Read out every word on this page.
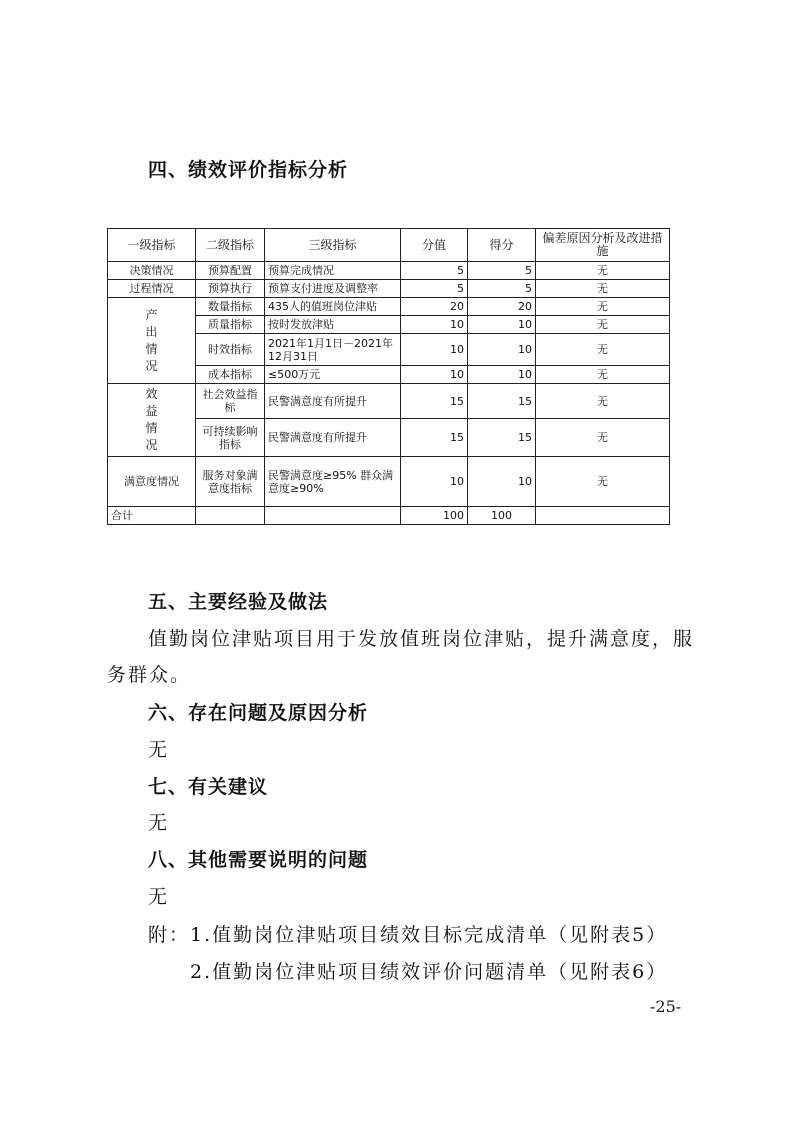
四、绩效评价指标分析
一级指标	二级指标	三级指标	分值	得分	偏差原因分析及改进措施
决策情况	预算配置	预算完成情况	5	5	无
过程情况	预算执行	预算支付进度及调整率	5	5	无
产出情况	数量指标	435人的值班岗位津贴	20	20	无
	质量指标	按时发放津贴	10	10	无
	时效指标	2021年1月1日－2021年12月31日	10	10	无
	成本指标	≤500万元	10	10	无
效益情况	社会效益指标	民警满意度有所提升	15	15	无
	可持续影响指标	民警满意度有所提升	15	15	无
满意度情况	服务对象满意度指标	民警满意度≥95% 群众满意度≥90%	10	10	无
合计			100	100	
五、主要经验及做法
值勤岗位津贴项目用于发放值班岗位津贴，提升满意度，服
务群众。
六、存在问题及原因分析
无
七、有关建议
无
八、其他需要说明的问题
无
附：1.值勤岗位津贴项目绩效目标完成清单（见附表5）
2.值勤岗位津贴项目绩效评价问题清单（见附表6）
-25-
